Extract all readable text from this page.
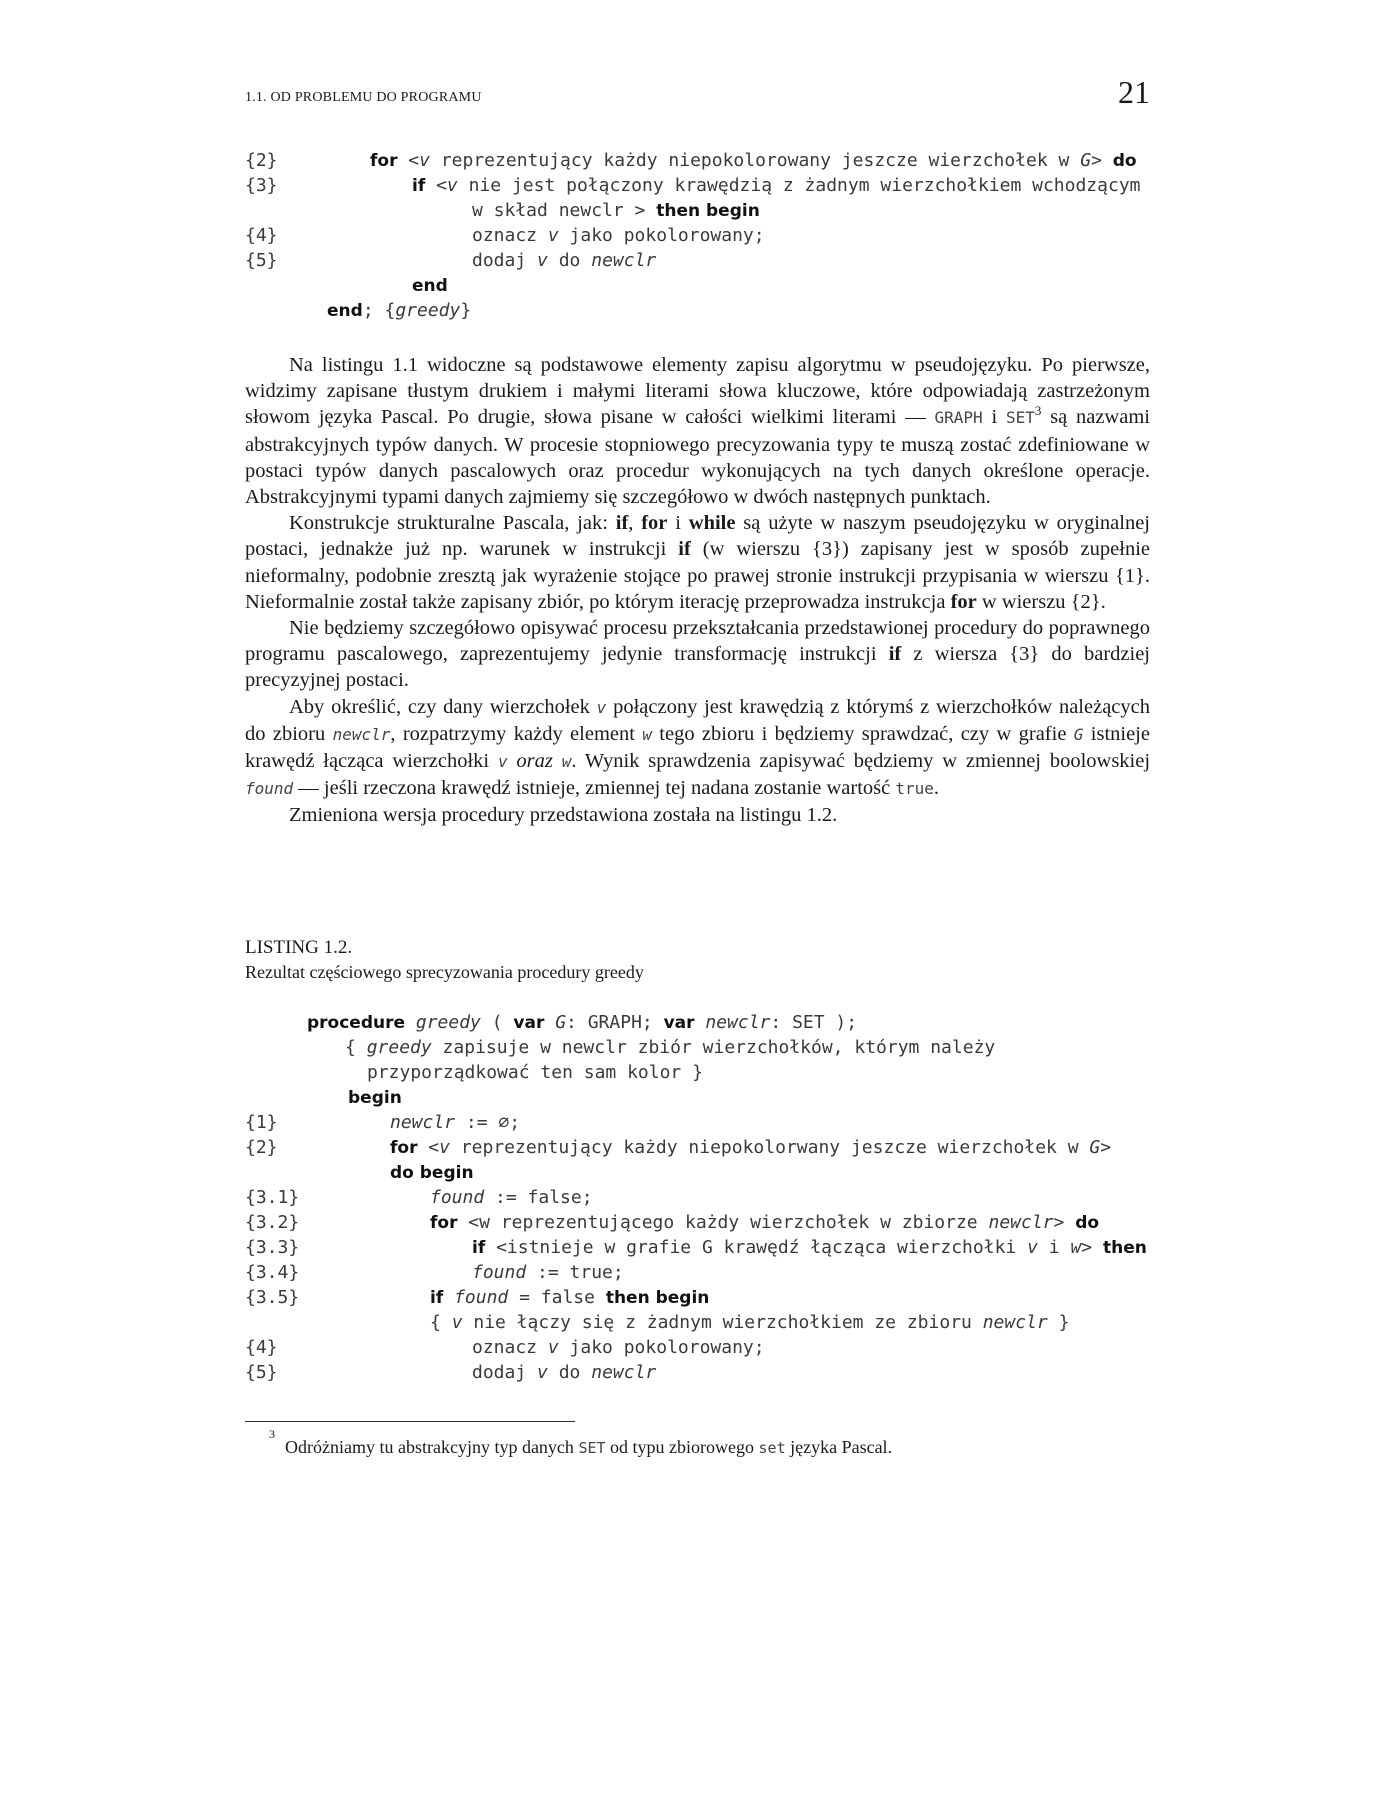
1.1. OD PROBLEMU DO PROGRAMU	21
{2}	for <v reprezentujący każdy niepokolorowany jeszcze wierzchołek w G> do
{3}	if <v nie jest połączony krawędzią z żadnym wierzchołkiem wchodzącym
w skład newclr > then begin
{4}	oznacz v jako pokolorowany;
{5}	dodaj v do newclr
end
end; {greedy}

Na listingu 1.1 widoczne są podstawowe elementy zapisu algorytmu w pseudojęzyku. Po pierwsze, widzimy zapisane tłustym drukiem i małymi literami słowa kluczowe, które odpowiadają zastrzeżonym słowom języka Pascal. Po drugie, słowa pisane w całości wielkimi literami — GRAPH i SET$^3$ są nazwami abstrakcyjnych typów danych. W procesie stopniowego precyzowania typy te muszą zostać zdefiniowane w postaci typów danych pascalowych oraz procedur wykonujących na tych danych określone operacje. Abstrakcyjnymi typami danych zajmiemy się szczegółowo w dwóch następnych punktach.

Konstrukcje strukturalne Pascala, jak: if, for i while są użyte w naszym pseudojęzyku w oryginalnej postaci, jednakże już np. warunek w instrukcji if (w wierszu {3}) zapisany jest w sposób zupełnie nieformalny, podobnie zresztą jak wyrażenie stojące po prawej stronie instrukcji przypisania w wierszu {1}. Nieformalnie został także zapisany zbiór, po którym iterację przeprowadza instrukcja for w wierszu {2}.

Nie będziemy szczegółowo opisywać procesu przekształcania przedstawionej procedury do poprawnego programu pascalowego, zaprezentujemy jedynie transformację instrukcji if z wiersza {3} do bardziej precyzyjnej postaci.

Aby określić, czy dany wierzchołek v połączony jest krawędzią z którymś z wierzchołków należących do zbioru newclr, rozpatrzymy każdy element w tego zbioru i będziemy sprawdzać, czy w grafie G istnieje krawędź łącząca wierzchołki v oraz w. Wynik sprawdzenia zapisywać będziemy w zmiennej boolowskiej found — jeśli rzeczona krawędź istnieje, zmiennej tej nadana zostanie wartość true.

Zmieniona wersja procedury przedstawiona została na listingu 1.2.

LISTING 1.2.
Rezultat częściowego sprecyzowania procedury greedy
procedure greedy ( var G: GRAPH; var newclr: SET );
{ greedy zapisuje w newclr zbiór wierzchołków, którym należy
przyporządkować ten sam kolor }
begin
{1}	newclr := ∅;
{2}	for <v reprezentujący każdy niepokolorwany jeszcze wierzchołek w G>
do begin
{3.1}	found := false;
{3.2}	for <w reprezentującego każdy wierzchołek w zbiorze newclr> do
{3.3}	if <istnieje w grafie G krawędź łącząca wierzchołki v i w> then
{3.4}	found := true;
{3.5}	if found = false then begin
{ v nie łączy się z żadnym wierzchołkiem ze zbioru newclr }
{4}	oznacz v jako pokolorowany;
{5}	dodaj v do newclr
$^3$Odróżniamy tu abstrakcyjny typ danych SET od typu zbiorowego set języka Pascal.
